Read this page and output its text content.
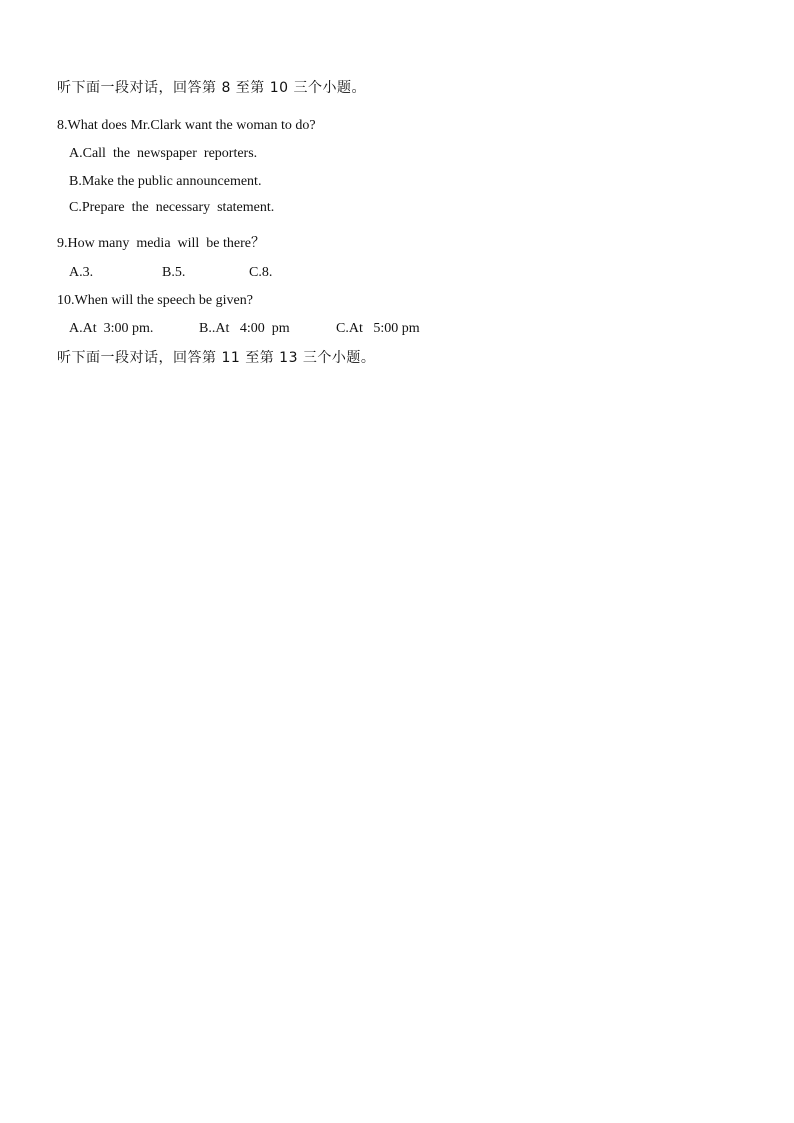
听下面一段对话，回答第 8 至第 10 三个小题。
8.What does Mr.Clark want the woman to do?
A.Call  the  newspaper  reporters.
B.Make the public announcement.
C.Prepare  the  necessary  statement.
9.How many  media  will  be there？
A.3.	B.5.	C.8.
10.When will the speech be given?
A.At  3:00 pm.	B..At   4:00  pm	C.At   5:00 pm
听下面一段对话，回答第 11 至第 13 三个小题。
